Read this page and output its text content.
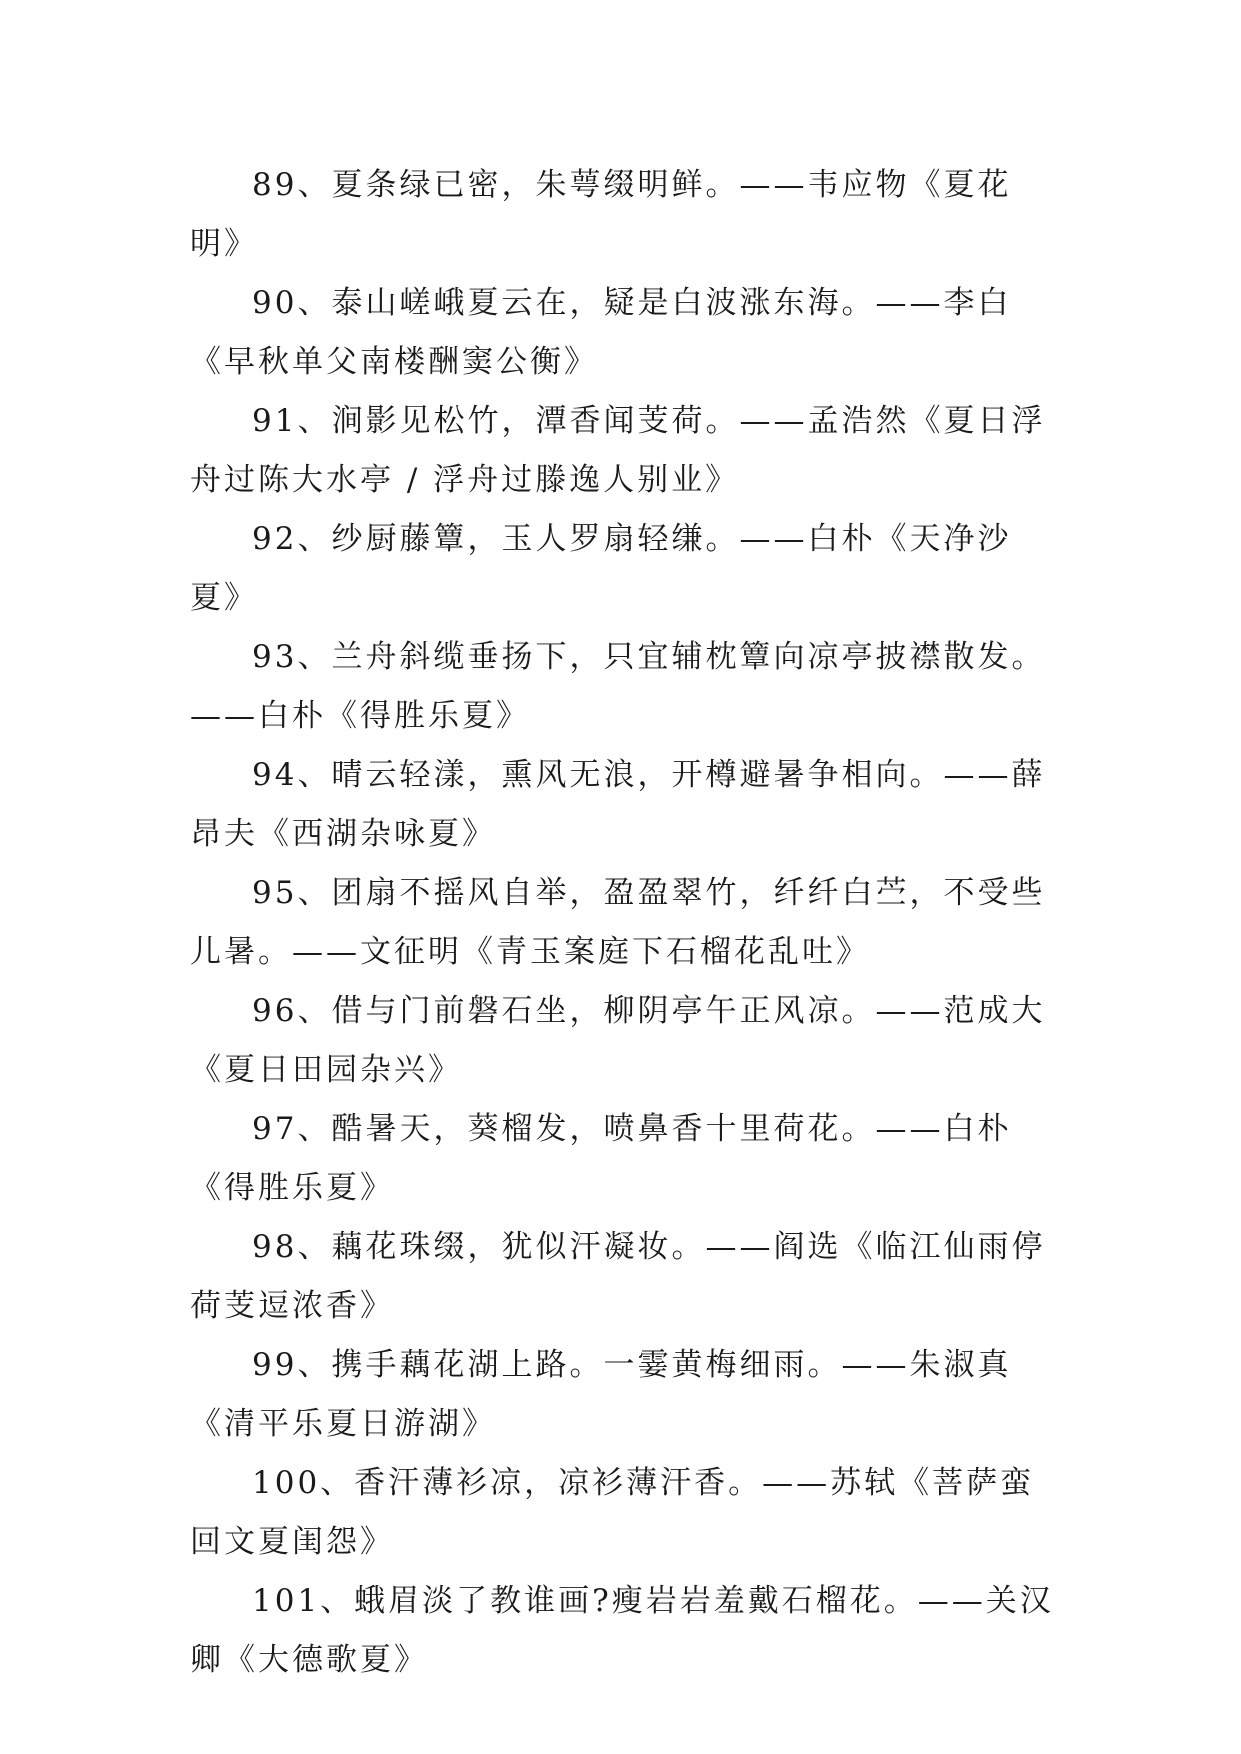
89、夏条绿已密，朱萼缀明鲜。——韦应物《夏花明》

90、泰山嵯峨夏云在，疑是白波涨东海。——李白《早秋单父南楼酬窦公衡》

91、涧影见松竹，潭香闻芰荷。——孟浩然《夏日浮舟过陈大水亭 / 浮舟过滕逸人别业》

92、纱厨藤簟，玉人罗扇轻缣。——白朴《天净沙夏》

93、兰舟斜缆垂扬下，只宜辅枕簟向凉亭披襟散发。——白朴《得胜乐夏》

94、晴云轻漾，熏风无浪，开樽避暑争相向。——薛昂夫《西湖杂咏夏》

95、团扇不摇风自举，盈盈翠竹，纤纤白苎，不受些儿暑。——文征明《青玉案庭下石榴花乱吐》

96、借与门前磐石坐，柳阴亭午正风凉。——范成大《夏日田园杂兴》

97、酷暑天，葵榴发，喷鼻香十里荷花。——白朴《得胜乐夏》

98、藕花珠缀，犹似汗凝妆。——阎选《临江仙雨停荷芰逗浓香》

99、携手藕花湖上路。一霎黄梅细雨。——朱淑真《清平乐夏日游湖》

100、香汗薄衫凉，凉衫薄汗香。——苏轼《菩萨蛮回文夏闺怨》

101、蛾眉淡了教谁画?瘦岩岩羞戴石榴花。——关汉卿《大德歌夏》
